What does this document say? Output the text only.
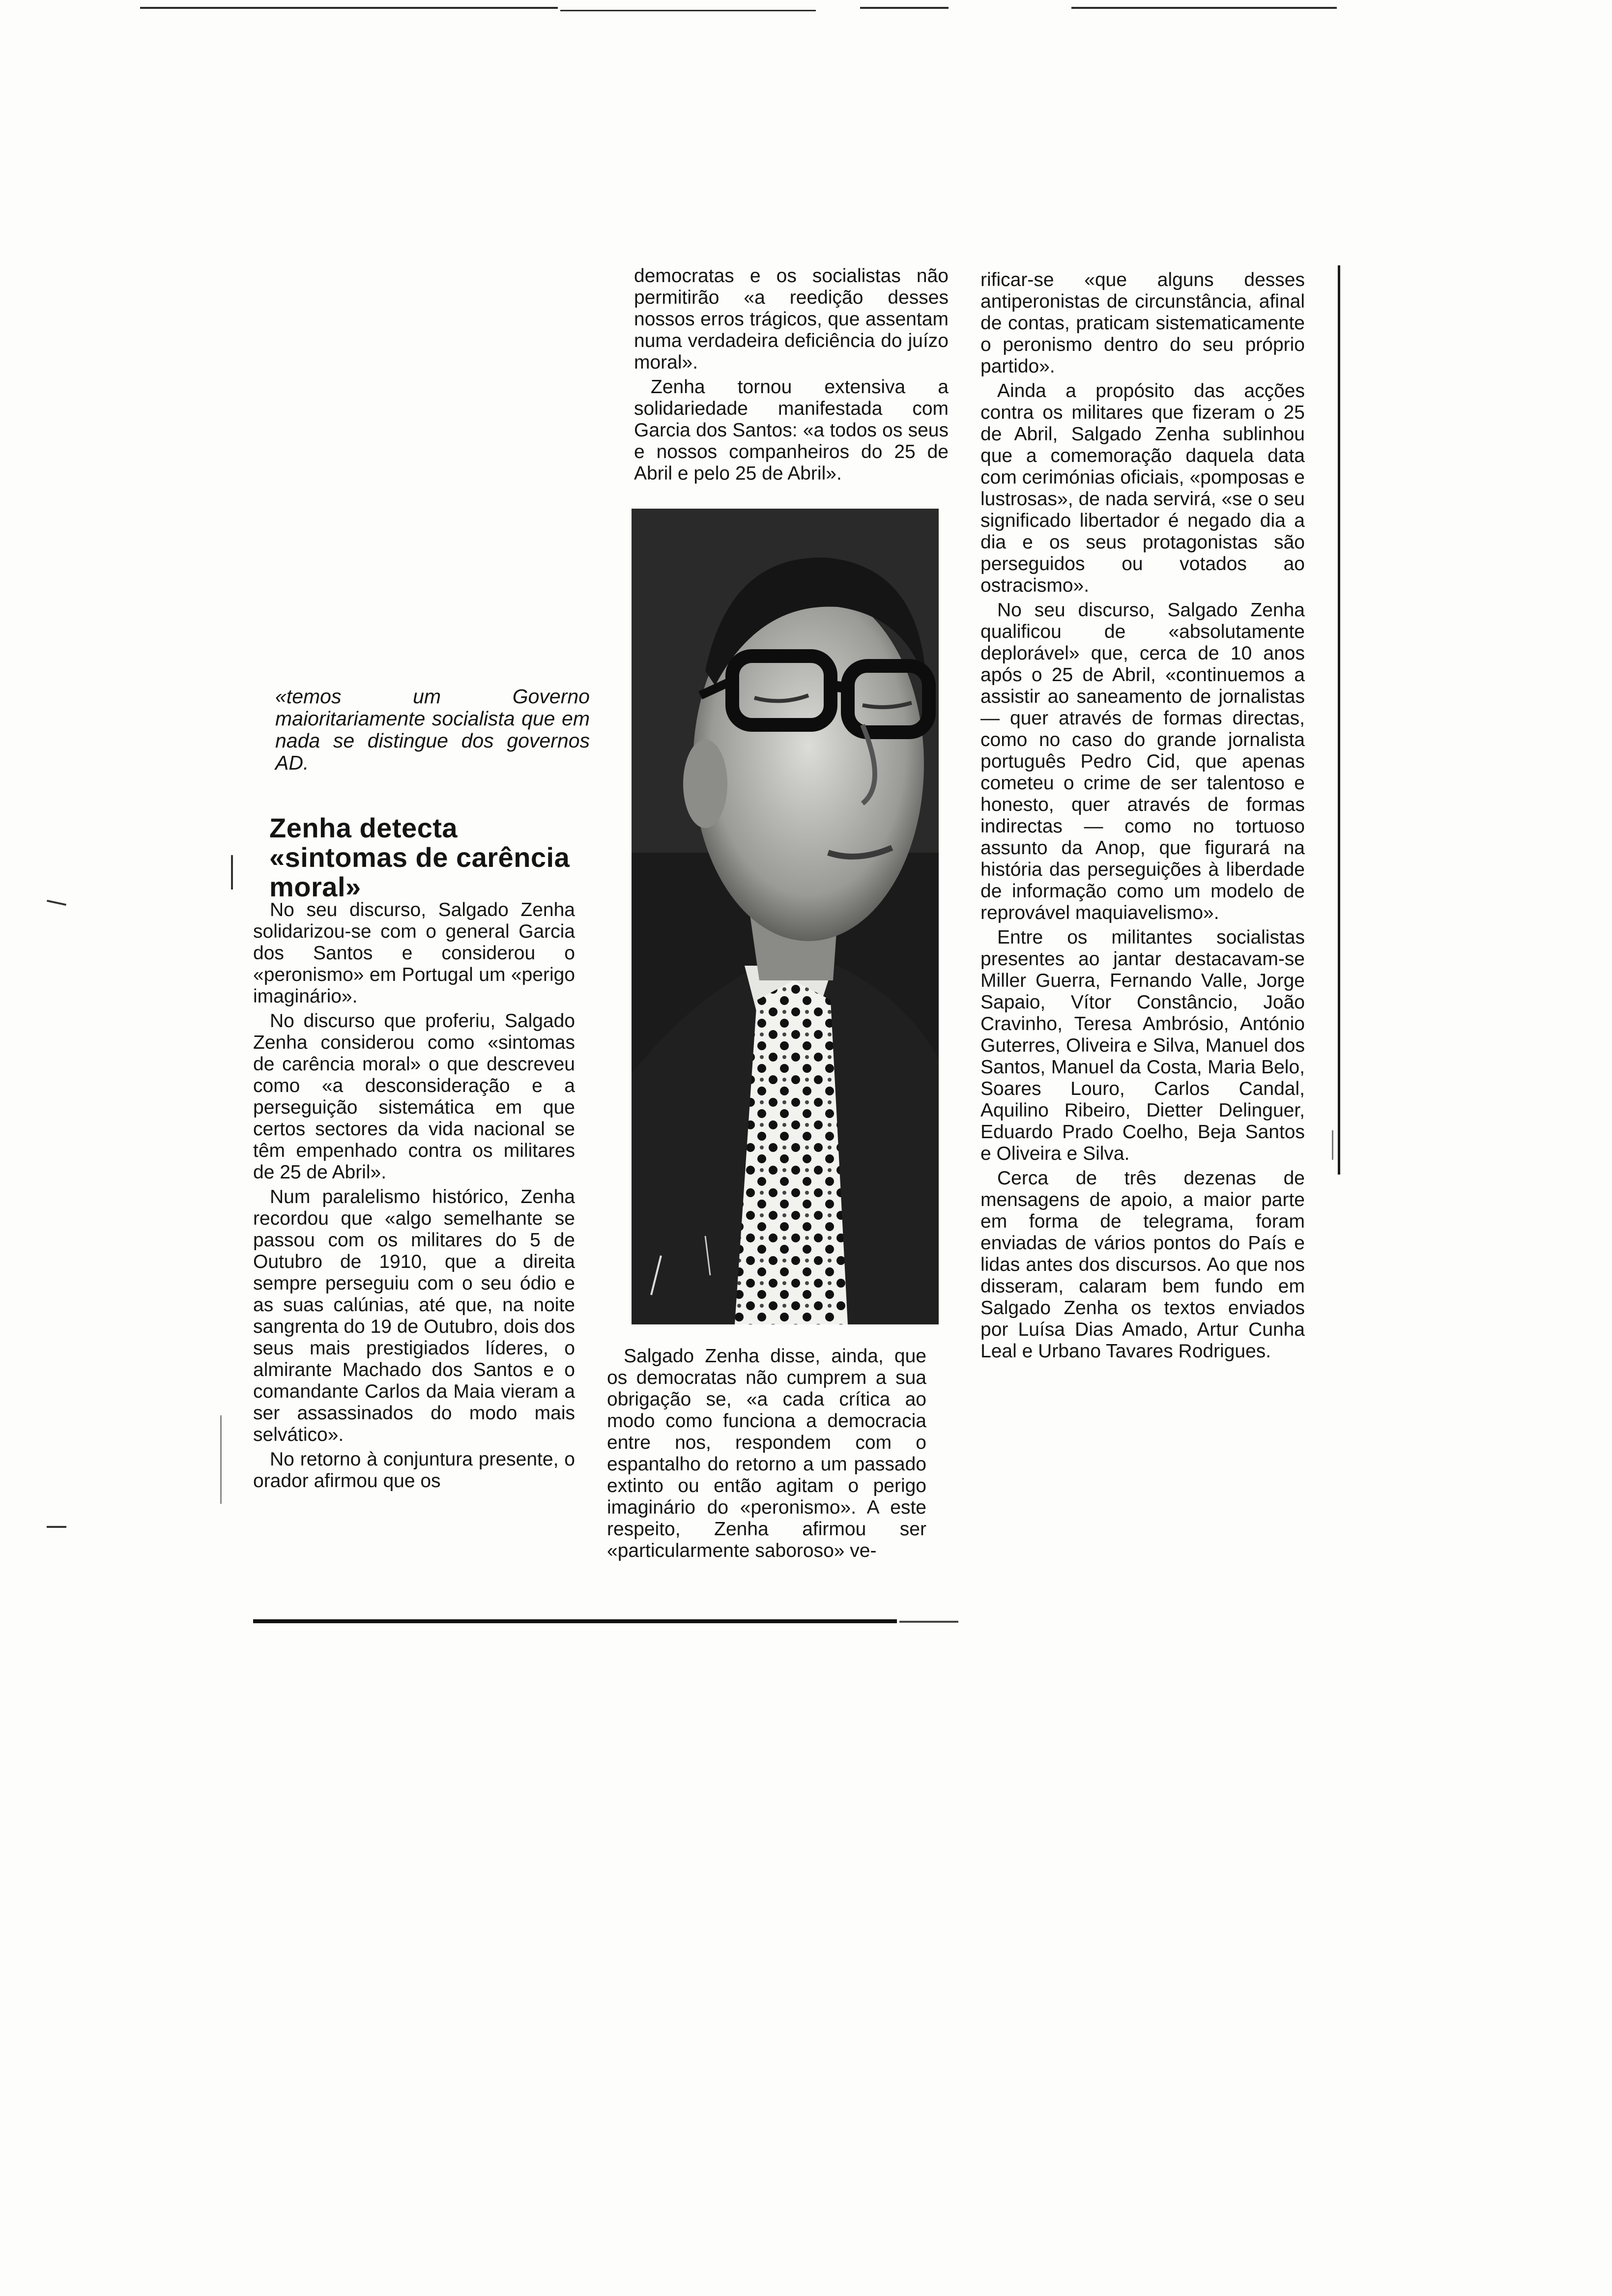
«temos um Governo maioritariamente socialista que em nada se distingue dos governos AD.
Zenha detecta «sintomas de carência moral»

No seu discurso, Salgado Zenha solidarizou-se com o general Garcia dos Santos e considerou o «peronismo» em Portugal um «perigo imaginário».

No discurso que proferiu, Salgado Zenha considerou como «sintomas de carência moral» o que descreveu como «a desconsideração e a perseguição sistemática em que certos sectores da vida nacional se têm empenhado contra os militares de 25 de Abril».

Num paralelismo histórico, Zenha recordou que «algo semelhante se passou com os militares do 5 de Outubro de 1910, que a direita sempre perseguiu com o seu ódio e as suas calúnias, até que, na noite sangrenta do 19 de Outubro, dois dos seus mais prestigiados líderes, o almirante Machado dos Santos e o comandante Carlos da Maia vieram a ser assassinados do modo mais selvático».

No retorno à conjuntura presente, o orador afirmou que os

democratas e os socialistas não permitirão «a reedição desses nossos erros trágicos, que assentam numa verdadeira deficiência do juízo moral».

Zenha tornou extensiva a solidariedade manifestada com Garcia dos Santos: «a todos os seus e nossos companheiros do 25 de Abril e pelo 25 de Abril».

Salgado Zenha disse, ainda, que os democratas não cumprem a sua obrigação se, «a cada crítica ao modo como funciona a democracia entre nos, respondem com o espantalho do retorno a um passado extinto ou então agitam o perigo imaginário do «peronismo». A este respeito, Zenha afirmou ser «particularmente saboroso» ve-

rificar-se «que alguns desses antiperonistas de circunstância, afinal de contas, praticam sistematicamente o peronismo dentro do seu próprio partido».

Ainda a propósito das acções contra os militares que fizeram o 25 de Abril, Salgado Zenha sublinhou que a comemoração daquela data com cerimónias oficiais, «pomposas e lustrosas», de nada servirá, «se o seu significado libertador é negado dia a dia e os seus protagonistas são perseguidos ou votados ao ostracismo».

No seu discurso, Salgado Zenha qualificou de «absolutamente deplorável» que, cerca de 10 anos após o 25 de Abril, «continuemos a assistir ao saneamento de jornalistas — quer através de formas directas, como no caso do grande jornalista português Pedro Cid, que apenas cometeu o crime de ser talentoso e honesto, quer através de formas indirectas — como no tortuoso assunto da Anop, que figurará na história das perseguições à liberdade de informação como um modelo de reprovável maquiavelismo».

Entre os militantes socialistas presentes ao jantar destacavam-se Miller Guerra, Fernando Valle, Jorge Sapaio, Vítor Constâncio, João Cravinho, Teresa Ambrósio, António Guterres, Oliveira e Silva, Manuel dos Santos, Manuel da Costa, Maria Belo, Soares Louro, Carlos Candal, Aquilino Ribeiro, Dietter Delinguer, Eduardo Prado Coelho, Beja Santos e Oliveira e Silva.

Cerca de três dezenas de mensagens de apoio, a maior parte em forma de telegrama, foram enviadas de vários pontos do País e lidas antes dos discursos. Ao que nos disseram, calaram bem fundo em Salgado Zenha os textos enviados por Luísa Dias Amado, Artur Cunha Leal e Urbano Tavares Rodrigues.
